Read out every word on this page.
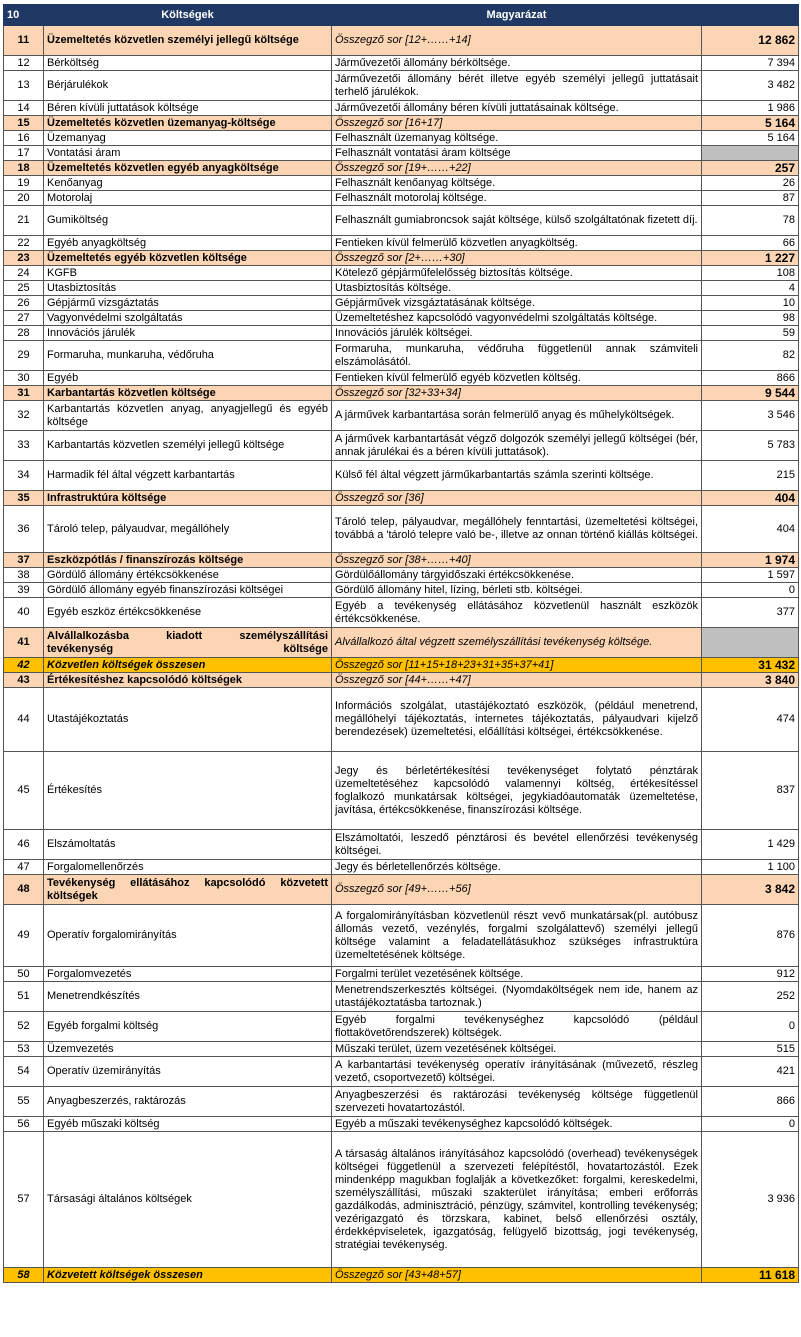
10	Költségek	Magyarázat	
11	Üzemeltetés közvetlen személyi jellegű költsége	Összegző sor [12+……+14]	12 862
12	Bérköltség	Járművezetői állomány bérköltsége.	7 394
13	Bérjárulékok	Járművezetői állomány bérét illetve egyéb személyi jellegű juttatásait terhelő járulékok.	3 482
14	Béren kívüli juttatások költsége	Járművezetői állomány béren kívüli juttatásainak költsége.	1 986
15	Üzemeltetés közvetlen üzemanyag-költsége	Összegző sor [16+17]	5 164
16	Üzemanyag	Felhasznált üzemanyag költsége.	5 164
17	Vontatási áram	Felhasznált vontatási áram költsége	
18	Üzemeltetés közvetlen egyéb anyagköltsége	Összegző sor [19+……+22]	257
19	Kenőanyag	Felhasznált kenőanyag költsége.	26
20	Motorolaj	Felhasznált motorolaj költsége.	87
21	Gumiköltség	Felhasznált gumiabroncsok saját költsége, külső szolgáltatónak fizetett díj.	78
22	Egyéb anyagköltség	Fentieken kívül felmerülő közvetlen anyagköltség.	66
23	Üzemeltetés egyéb közvetlen költsége	Összegző sor [2+……+30]	1 227
24	KGFB	Kötelező gépjárműfelelősség biztosítás költsége.	108
25	Utasbiztosítás	Utasbiztosítás költsége.	4
26	Gépjármű vizsgáztatás	Gépjárművek vizsgáztatásának költsége.	10
27	Vagyonvédelmi szolgáltatás	Üzemeltetéshez kapcsolódó vagyonvédelmi szolgáltatás költsége.	98
28	Innovációs járulék	Innovációs járulék költségei.	59
29	Formaruha, munkaruha, védőruha	Formaruha, munkaruha, védőruha függetlenül annak számviteli elszámolásától.	82
30	Egyéb	Fentieken kívül felmerülő egyéb közvetlen költség.	866
31	Karbantartás közvetlen költsége	Összegző sor [32+33+34]	9 544
32	Karbantartás közvetlen anyag, anyagjellegű és egyéb költsége	A járművek karbantartása során felmerülő anyag és műhelyköltségek.	3 546
33	Karbantartás közvetlen személyi jellegű költsége	A járművek karbantartását végző dolgozók személyi jellegű költségei (bér, annak járulékai és a béren kívüli juttatások).	5 783
34	Harmadik fél által végzett karbantartás	Külső fél által végzett járműkarbantartás számla szerinti költsége.	215
35	Infrastruktúra költsége	Összegző sor [36]	404
36	Tároló telep, pályaudvar, megállóhely	Tároló telep, pályaudvar, megállóhely fenntartási, üzemeltetési költségei, továbbá a 'tároló telepre való be-, illetve az onnan történő kiállás költségei.	404
37	Eszközpótlás / finanszírozás költsége	Összegző sor [38+……+40]	1 974
38	Gördülő állomány értékcsökkenése	Gördülőállomány tárgyidőszaki értékcsökkenése.	1 597
39	Gördülő állomány egyéb finanszírozási költségei	Gördülő állomány hitel, lízing, bérleti stb. költségei.	0
40	Egyéb eszköz értékcsökkenése	Egyéb a tevékenység ellátásához közvetlenül használt eszközök értékcsökkenése.	377
41	Alvállalkozásba kiadott személyszállítási tevékenység költsége	Alvállalkozó által végzett személyszállítási tevékenység költsége.	
42	Közvetlen költségek összesen	Összegző sor [11+15+18+23+31+35+37+41]	31 432
43	Értékesítéshez kapcsolódó költségek	Összegző sor [44+……+47]	3 840
44	Utastájékoztatás	Információs szolgálat, utastájékoztató eszközök, (például menetrend, megállóhelyi tájékoztatás, internetes tájékoztatás, pályaudvari kijelző berendezések) üzemeltetési, előállítási költségei, értékcsökkenése.	474
45	Értékesítés	Jegy és bérletértékesítési tevékenységet folytató pénztárak üzemeltetéséhez kapcsolódó valamennyi költség, értékesítéssel foglalkozó munkatársak költségei, jegykiadóautomaták üzemeltetése, javítása, értékcsökkenése, finanszírozási költsége.	837
46	Elszámoltatás	Elszámoltatói, leszedő pénztárosi és bevétel ellenőrzési tevékenység költségei.	1 429
47	Forgalomellenőrzés	Jegy és bérletellenőrzés költsége.	1 100
48	Tevékenység ellátásához kapcsolódó közvetett költségek	Összegző sor [49+……+56]	3 842
49	Operatív forgalomirányítás	A forgalomirányításban közvetlenül részt vevő munkatársak(pl. autóbusz állomás vezető, vezénylés, forgalmi szolgálattevő) személyi jellegű költsége valamint a feladatellátásukhoz szükséges infrastruktúra üzemeltetésének költsége.	876
50	Forgalomvezetés	Forgalmi terület vezetésének költsége.	912
51	Menetrendkészítés	Menetrendszerkesztés költségei. (Nyomdaköltségek nem ide, hanem az utastájékoztatásba tartoznak.)	252
52	Egyéb forgalmi költség	Egyéb forgalmi tevékenységhez kapcsolódó (például flottakövetőrendszerek) költségek.	0
53	Üzemvezetés	Műszaki terület, üzem vezetésének költségei.	515
54	Operatív üzemirányítás	A karbantartási tevékenység operatív irányításának (művezető, részleg vezető, csoportvezető) költségei.	421
55	Anyagbeszerzés, raktározás	Anyagbeszerzési és raktározási tevékenység költsége függetlenül szervezeti hovatartozástól.	866
56	Egyéb műszaki költség	Egyéb a műszaki tevékenységhez kapcsolódó költségek.	0
57	Társasági általános költségek	A társaság általános irányításához kapcsolódó (overhead) tevékenységek költségei függetlenül a szervezeti felépítéstől, hovatartozástól. Ezek mindenképp magukban foglalják a következőket: forgalmi, kereskedelmi, személyszállítási, műszaki szakterület irányítása; emberi erőforrás gazdálkodás, adminisztráció, pénzügy, számvitel, kontrolling tevékenység; vezérigazgató és törzskara, kabinet, belső ellenőrzési osztály, érdekképviseletek, igazgatóság, felügyelő bizottság, jogi tevékenység, stratégiai tevékenység.	3 936
58	Közvetett költségek összesen	Összegző sor [43+48+57]	11 618
